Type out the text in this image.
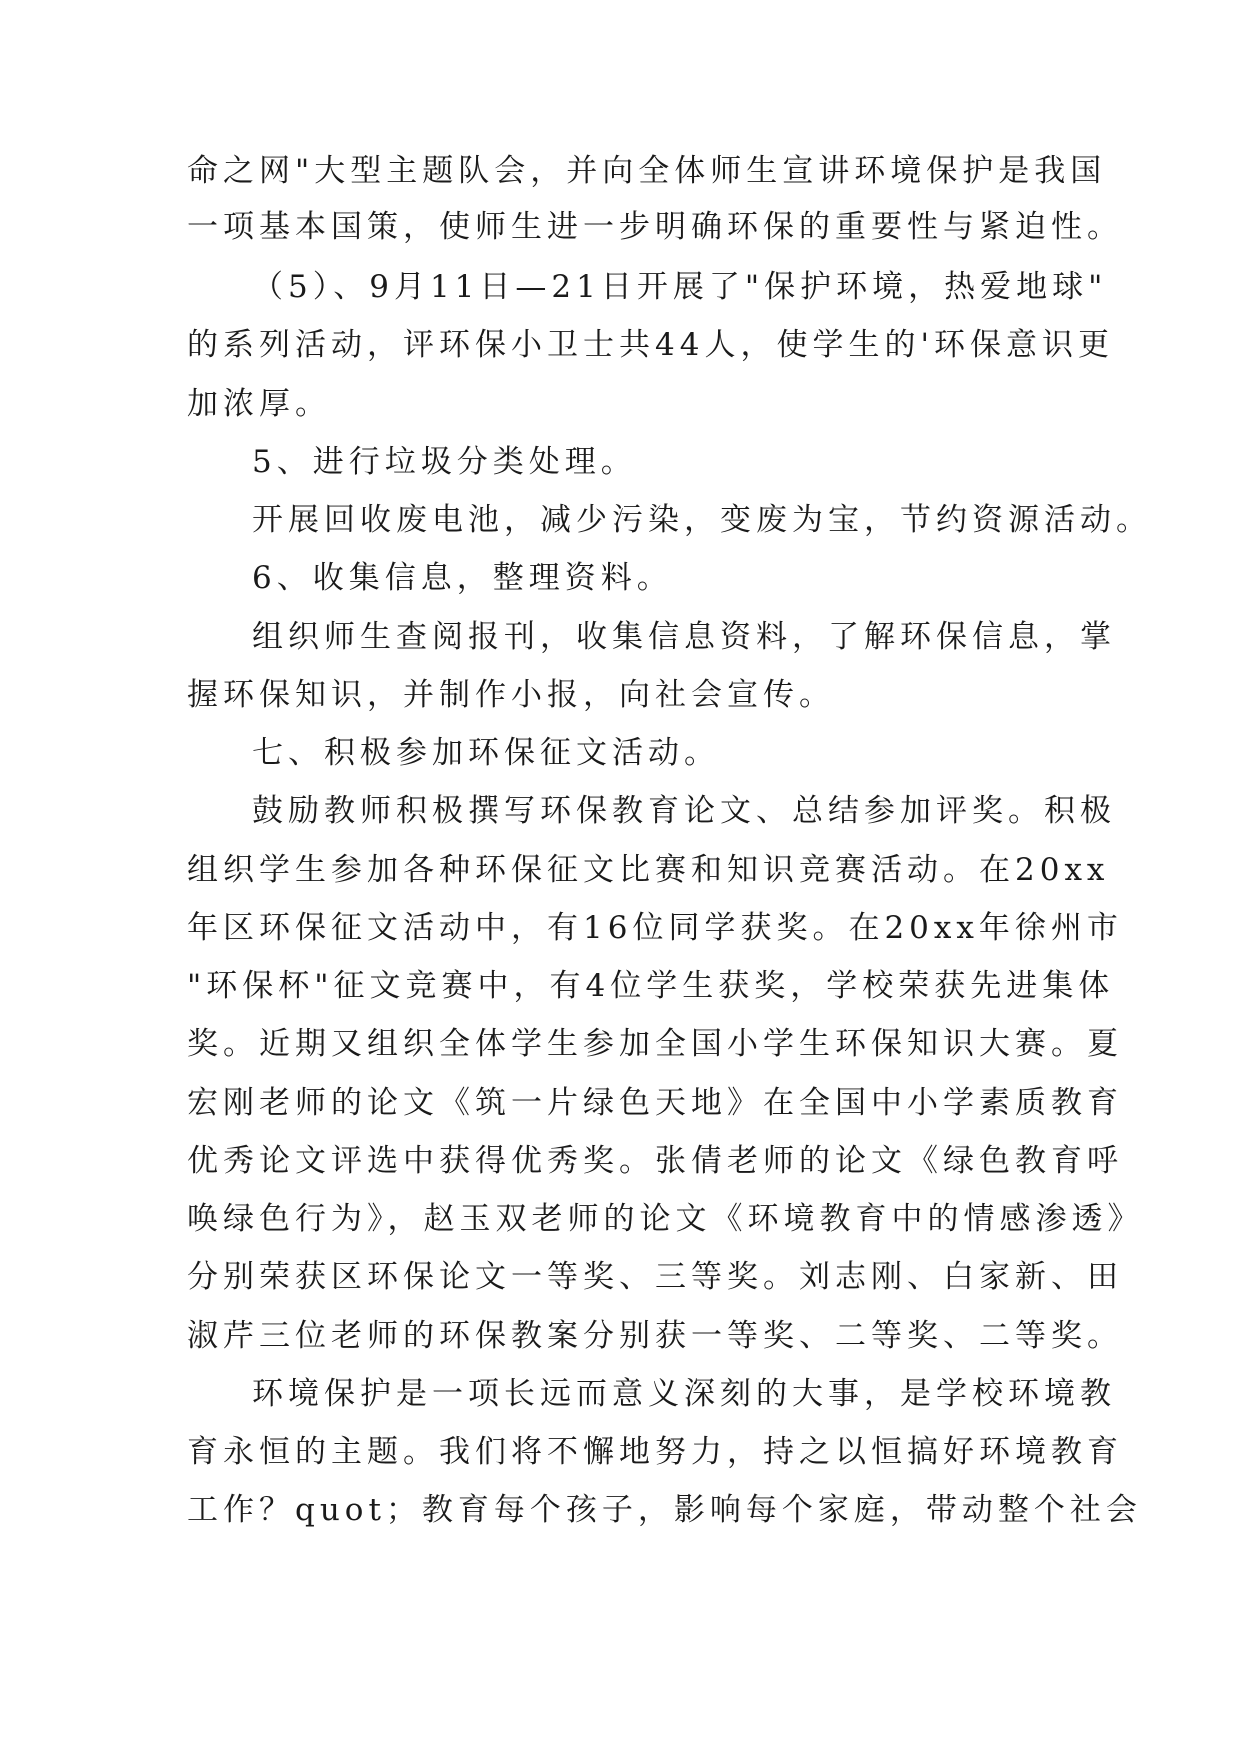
命之网"大型主题队会，并向全体师生宣讲环境保护是我国
一项基本国策，使师生进一步明确环保的重要性与紧迫性。
（5）、9月11日—21日开展了"保护环境，热爱地球"
的系列活动，评环保小卫士共44人，使学生的'环保意识更
加浓厚。
5、进行垃圾分类处理。
开展回收废电池，减少污染，变废为宝，节约资源活动。
6、收集信息，整理资料。
组织师生查阅报刊，收集信息资料，了解环保信息，掌
握环保知识，并制作小报，向社会宣传。
七、积极参加环保征文活动。
鼓励教师积极撰写环保教育论文、总结参加评奖。积极
组织学生参加各种环保征文比赛和知识竞赛活动。在20xx
年区环保征文活动中，有16位同学获奖。在20xx年徐州市
"环保杯"征文竞赛中，有4位学生获奖，学校荣获先进集体
奖。近期又组织全体学生参加全国小学生环保知识大赛。夏
宏刚老师的论文《筑一片绿色天地》在全国中小学素质教育
优秀论文评选中获得优秀奖。张倩老师的论文《绿色教育呼
唤绿色行为》，赵玉双老师的论文《环境教育中的情感渗透》
分别荣获区环保论文一等奖、三等奖。刘志刚、白家新、田
淑芹三位老师的环保教案分别获一等奖、二等奖、二等奖。
环境保护是一项长远而意义深刻的大事，是学校环境教
育永恒的主题。我们将不懈地努力，持之以恒搞好环境教育
工作？quot；教育每个孩子，影响每个家庭，带动整个社会
